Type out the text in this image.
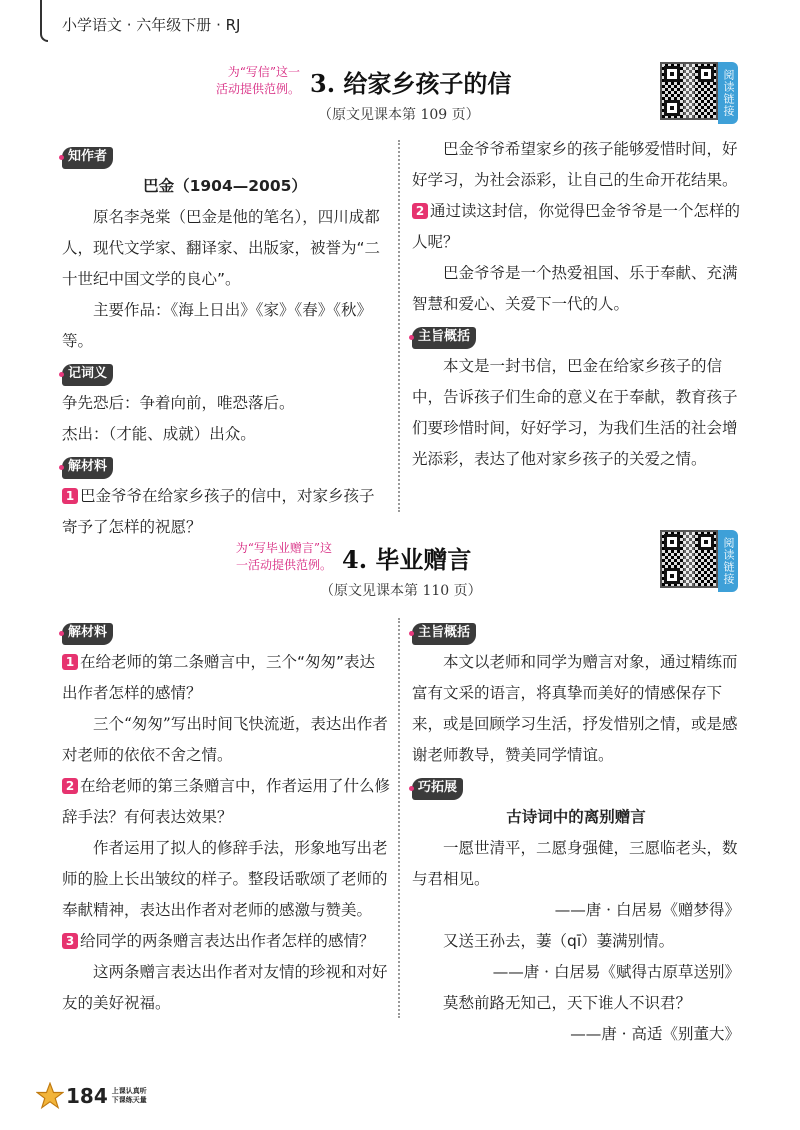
小学语文 · 六年级下册 · RJ
为“写信”这一
活动提供范例。 3. 给家乡孩子的信
（原文见课本第 109 页）	阅读链接
知作者

巴金（1904—2005）

原名李尧棠（巴金是他的笔名），四川成都人，现代文学家、翻译家、出版家，被誉为“二十世纪中国文学的良心”。

主要作品：《海上日出》《家》《春》《秋》等。

记词义

争先恐后：争着向前，唯恐落后。

杰出：（才能、成就）出众。

解材料

1 巴金爷爷在给家乡孩子的信中，对家乡孩子寄予了怎样的祝愿？

巴金爷爷希望家乡的孩子能够爱惜时间，好好学习，为社会添彩，让自己的生命开花结果。

2 通过读这封信，你觉得巴金爷爷是一个怎样的人呢？

巴金爷爷是一个热爱祖国、乐于奉献、充满智慧和爱心、关爱下一代的人。

主旨概括

本文是一封书信，巴金在给家乡孩子的信中，告诉孩子们生命的意义在于奉献，教育孩子们要珍惜时间，好好学习，为我们生活的社会增光添彩，表达了他对家乡孩子的关爱之情。

为“写毕业赠言”这
一活动提供范例。 4. 毕业赠言
（原文见课本第 110 页）
阅读链接
解材料

1 在给老师的第二条赠言中，三个“匆匆”表达出作者怎样的感情？

三个“匆匆”写出时间飞快流逝，表达出作者对老师的依依不舍之情。

2 在给老师的第三条赠言中，作者运用了什么修辞手法？有何表达效果？

作者运用了拟人的修辞手法，形象地写出老师的脸上长出皱纹的样子。整段话歌颂了老师的奉献精神，表达出作者对老师的感激与赞美。

3 给同学的两条赠言表达出作者怎样的感情？

这两条赠言表达出作者对友情的珍视和对好友的美好祝福。

主旨概括

本文以老师和同学为赠言对象，通过精练而富有文采的语言，将真挚而美好的情感保存下来，或是回顾学习生活，抒发惜别之情，或是感谢老师教导，赞美同学情谊。

巧拓展

古诗词中的离别赠言

一愿世清平，二愿身强健，三愿临老头，数与君相见。

——唐 · 白居易《赠梦得》

又送王孙去，萋（qī）萋满别情。

——唐 · 白居易《赋得古原草送别》

莫愁前路无知己，天下谁人不识君？

——唐 · 高适《别董大》

184 上课认真听
下课练天量
